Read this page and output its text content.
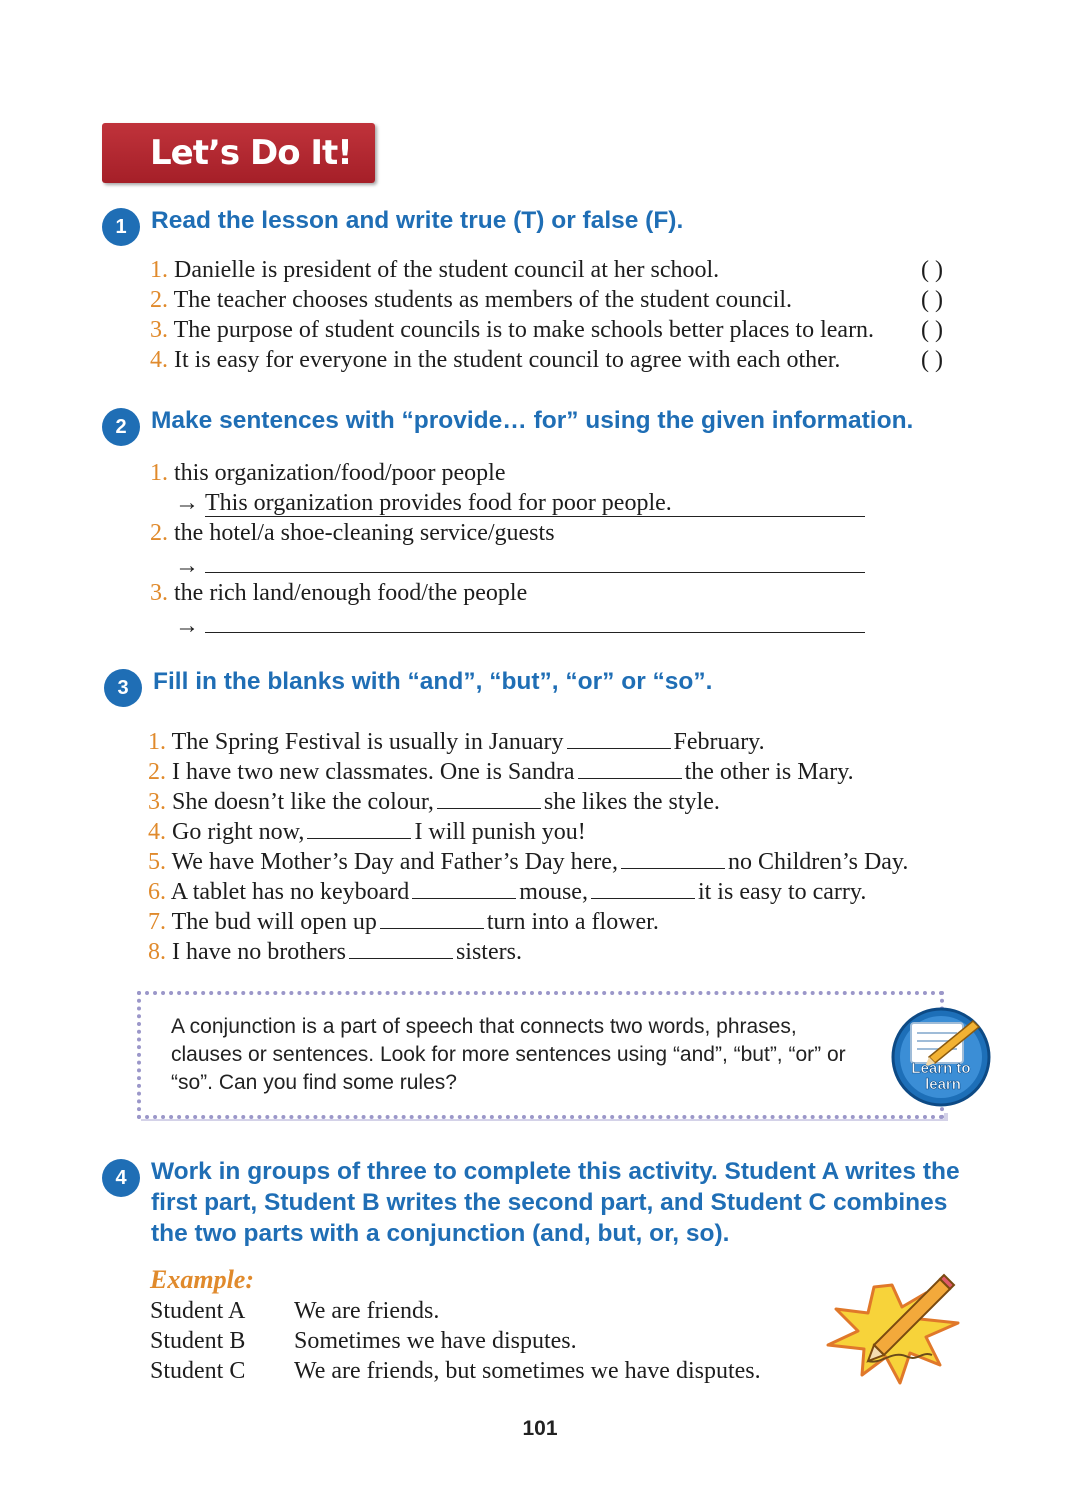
Let’s Do It!
1 Read the lesson and write true (T) or false (F).
1. Danielle is president of the student council at her school.	( )
2. The teacher chooses students as members of the student council.	( )
3. The purpose of student councils is to make schools better places to learn. ( )
4. It is easy for everyone in the student council to agree with each other.	( )
2 Make sentences with “provide… for” using the given information.
1. this organization/food/poor people
→ This organization provides food for poor people.
2. the hotel/a shoe-cleaning service/guests
→
3. the rich land/enough food/the people
→
3 Fill in the blanks with “and”, “but”, “or” or “so”.
1. The Spring Festival is usually in January	February.
2. I have two new classmates. One is Sandra	the other is Mary.
3. She doesn’t like the colour,	she likes the style.
4. Go right now,	I will punish you!
5. We have Mother’s Day and Father’s Day here,	no Children’s Day.
6. A tablet has no keyboard	mouse,	it is easy to carry.
7. The bud will open up	turn into a flower.
8. I have no brothers	sisters.
A conjunction is a part of speech that connects two words, phrases, clauses or sentences. Look for more sentences using “and”, “but”, “or” or “so”. Can you find some rules?
Learn to
learn
4 Work in groups of three to complete this activity. Student A writes the first part, Student B writes the second part, and Student C combines the two parts with a conjunction (and, but, or, so).
Example:
Student A We are friends.
Student B Sometimes we have disputes.
Student C We are friends, but sometimes we have disputes.
101
